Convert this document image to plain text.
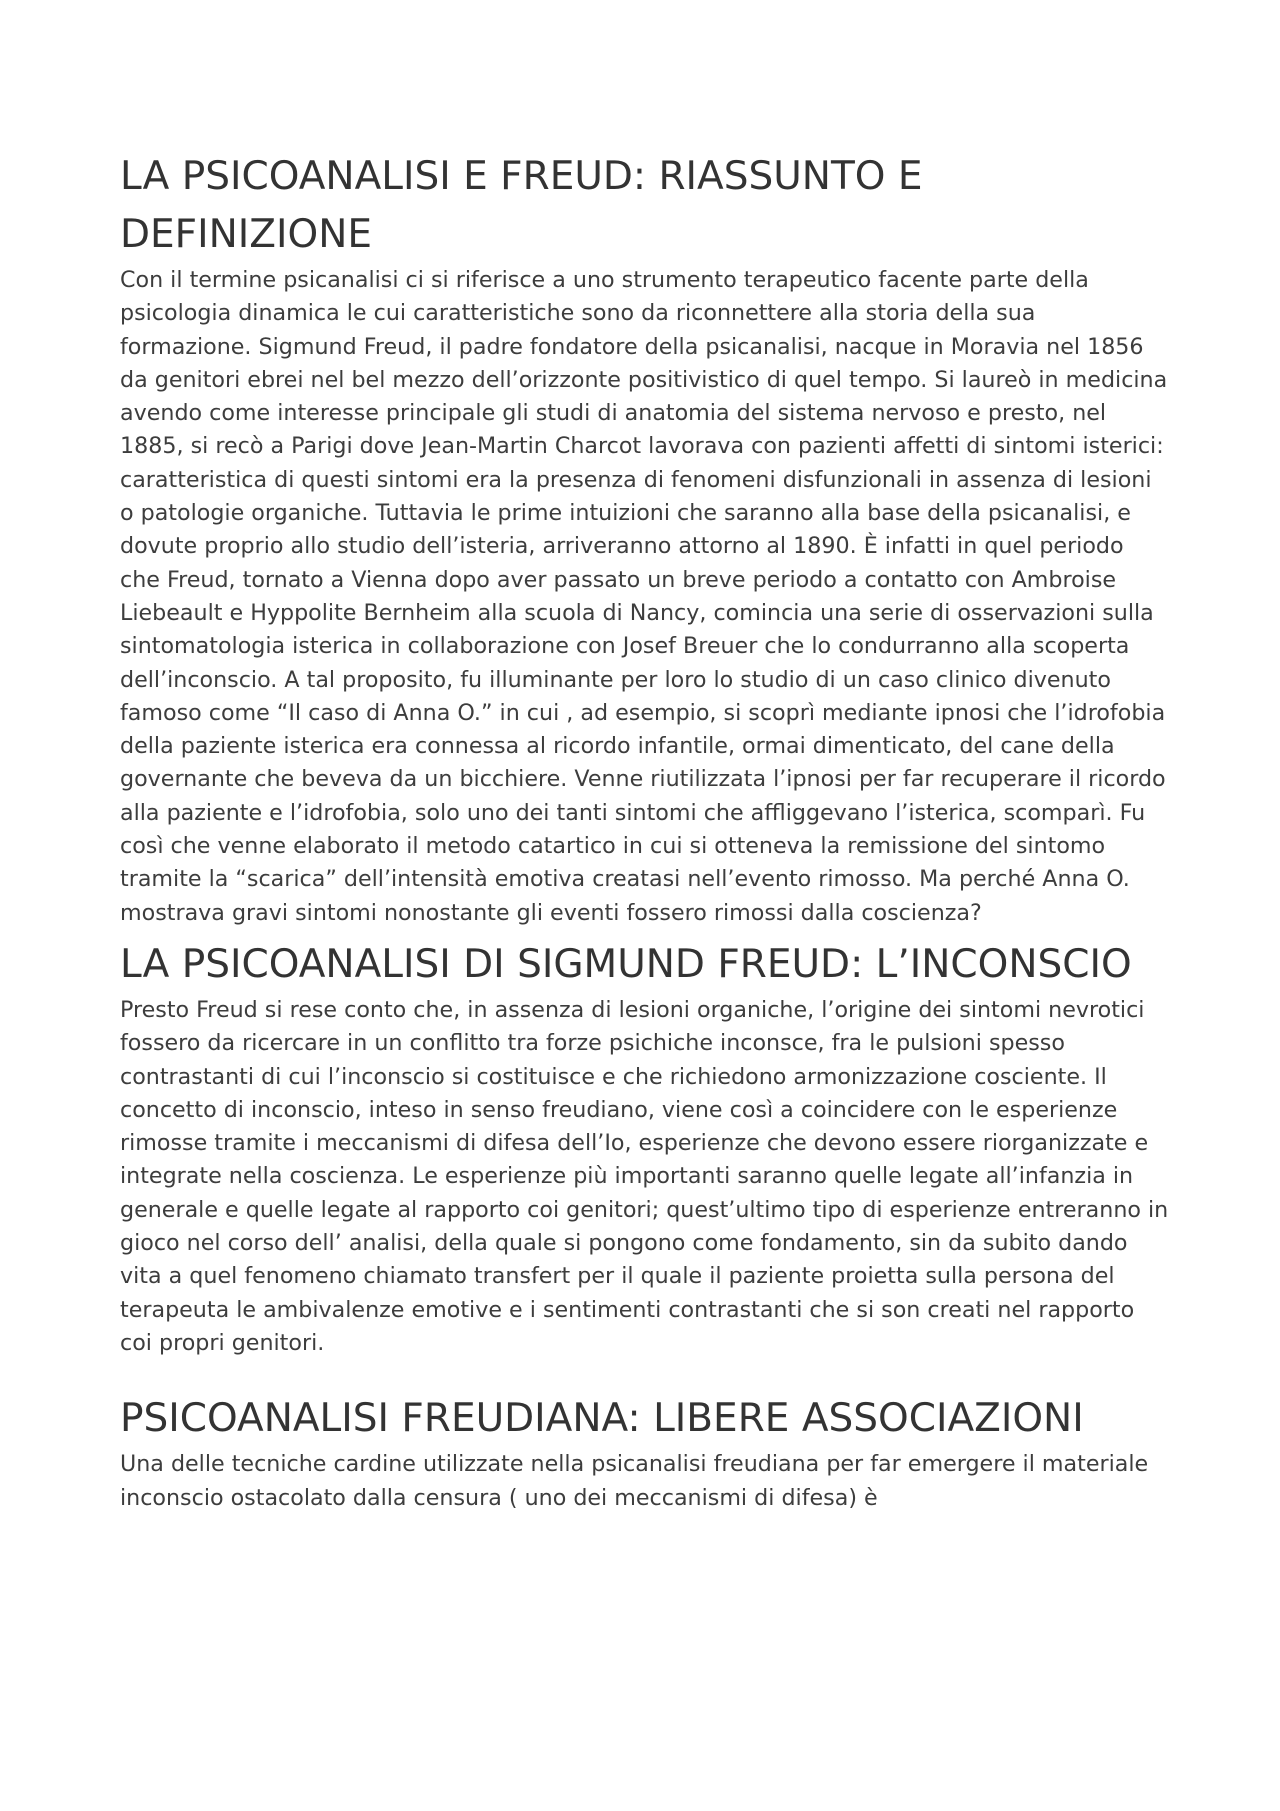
LA PSICOANALISI E FREUD: RIASSUNTO E DEFINIZIONE

Con il termine psicanalisi ci si riferisce a uno strumento terapeutico facente parte della psicologia dinamica le cui caratteristiche sono da riconnettere alla storia della sua formazione. Sigmund Freud, il padre fondatore della psicanalisi, nacque in Moravia nel 1856 da genitori ebrei nel bel mezzo dell’orizzonte positivistico di quel tempo. Si laureò in medicina avendo come interesse principale gli studi di anatomia del sistema nervoso e presto, nel 1885, si recò a Parigi dove Jean-Martin Charcot lavorava con pazienti affetti di sintomi isterici: caratteristica di questi sintomi era la presenza di fenomeni disfunzionali in assenza di lesioni o patologie organiche. Tuttavia le prime intuizioni che saranno alla base della psicanalisi, e dovute proprio allo studio dell’isteria, arriveranno attorno al 1890. È infatti in quel periodo che Freud, tornato a Vienna dopo aver passato un breve periodo a contatto con Ambroise Liebeault e Hyppolite Bernheim alla scuola di Nancy, comincia una serie di osservazioni sulla sintomatologia isterica in collaborazione con Josef Breuer che lo condurranno alla scoperta dell’inconscio. A tal proposito, fu illuminante per loro lo studio di un caso clinico divenuto famoso come “Il caso di Anna O.” in cui , ad esempio, si scoprì mediante ipnosi che l’idrofobia della paziente isterica era connessa al ricordo infantile, ormai dimenticato, del cane della governante che beveva da un bicchiere. Venne riutilizzata l’ipnosi per far recuperare il ricordo alla paziente e l’idrofobia, solo uno dei tanti sintomi che affliggevano l’isterica, scomparì. Fu così che venne elaborato il metodo catartico in cui si otteneva la remissione del sintomo tramite la “scarica” dell’intensità emotiva creatasi nell’evento rimosso. Ma perché Anna O. mostrava gravi sintomi nonostante gli eventi fossero rimossi dalla coscienza?

LA PSICOANALISI DI SIGMUND FREUD: L’INCONSCIO

Presto Freud si rese conto che, in assenza di lesioni organiche, l’origine dei sintomi nevrotici fossero da ricercare in un conflitto tra forze psichiche inconsce, fra le pulsioni spesso contrastanti di cui l’inconscio si costituisce e che richiedono armonizzazione cosciente. Il concetto di inconscio, inteso in senso freudiano, viene così a coincidere con le esperienze rimosse tramite i meccanismi di difesa dell’Io, esperienze che devono essere riorganizzate e integrate nella coscienza. Le esperienze più importanti saranno quelle legate all’infanzia in generale e quelle legate al rapporto coi genitori; quest’ultimo tipo di esperienze entreranno in gioco nel corso dell’ analisi, della quale si pongono come fondamento, sin da subito dando vita a quel fenomeno chiamato transfert per il quale il paziente proietta sulla persona del terapeuta le ambivalenze emotive e i sentimenti contrastanti che si son creati nel rapporto coi propri genitori.

PSICOANALISI FREUDIANA: LIBERE ASSOCIAZIONI

Una delle tecniche cardine utilizzate nella psicanalisi freudiana per far emergere il materiale inconscio ostacolato dalla censura ( uno dei meccanismi di difesa) è
